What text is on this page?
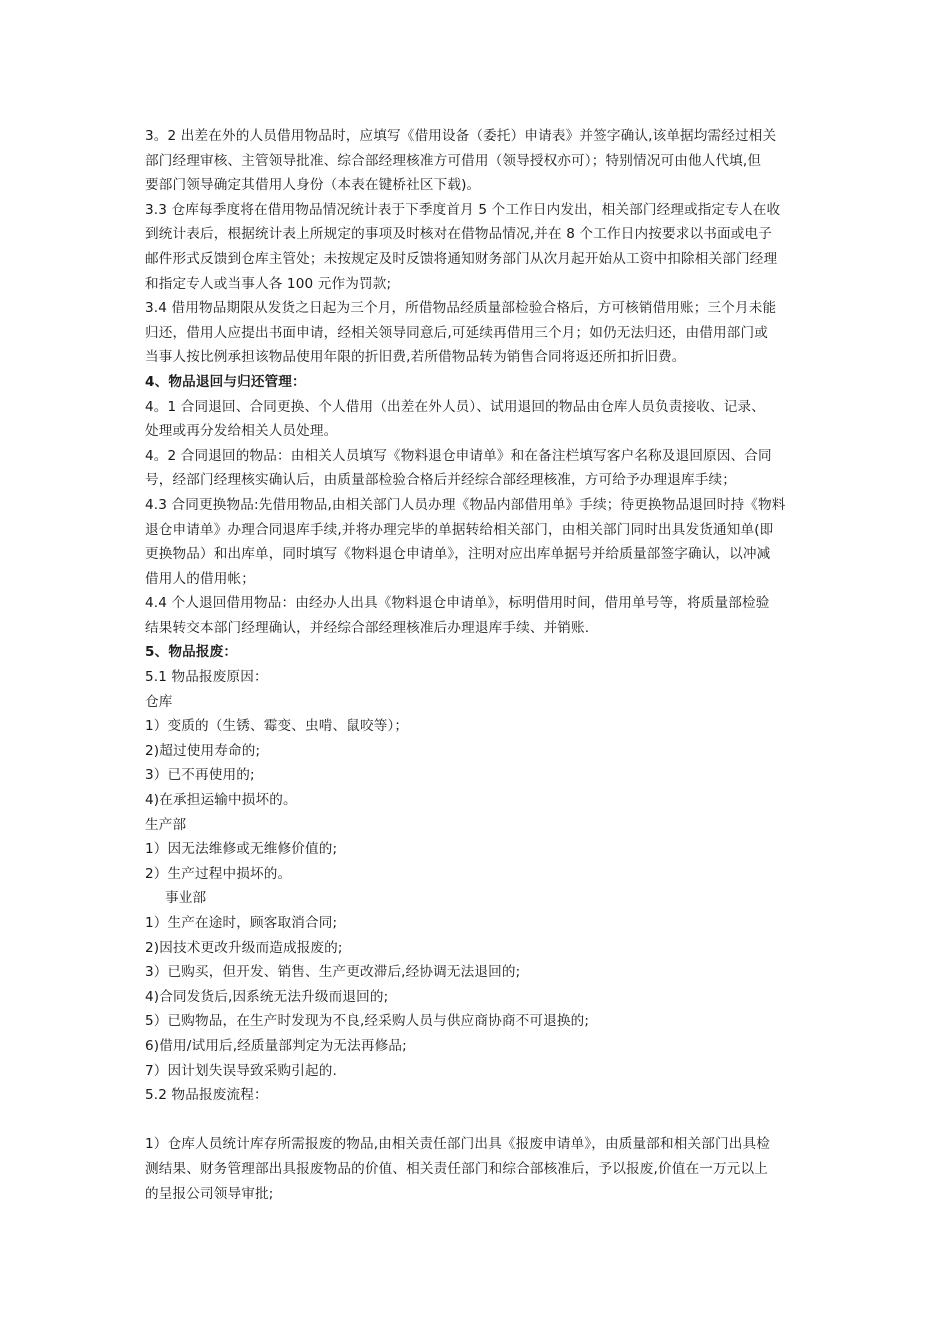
3。2 出差在外的人员借用物品时，应填写《借用设备（委托）申请表》并签字确认,该单据均需经过相关
部门经理审核、主管领导批准、综合部经理核准方可借用（领导授权亦可）；特别情况可由他人代填,但
要部门领导确定其借用人身份（本表在键桥社区下载)。
3.3 仓库每季度将在借用物品情况统计表于下季度首月 5 个工作日内发出，相关部门经理或指定专人在收
到统计表后，根据统计表上所规定的事项及时核对在借物品情况,并在 8 个工作日内按要求以书面或电子
邮件形式反馈到仓库主管处；未按规定及时反馈将通知财务部门从次月起开始从工资中扣除相关部门经理
和指定专人或当事人各 100 元作为罚款;
3.4 借用物品期限从发货之日起为三个月，所借物品经质量部检验合格后，方可核销借用账；三个月未能
归还，借用人应提出书面申请，经相关领导同意后,可延续再借用三个月；如仍无法归还，由借用部门或
当事人按比例承担该物品使用年限的折旧费,若所借物品转为销售合同将返还所扣折旧费。
4、物品退回与归还管理：
4。1 合同退回、合同更换、个人借用（出差在外人员）、试用退回的物品由仓库人员负责接收、记录、
处理或再分发给相关人员处理。
4。2 合同退回的物品：由相关人员填写《物料退仓申请单》和在备注栏填写客户名称及退回原因、合同
号，经部门经理核实确认后，由质量部检验合格后并经综合部经理核准，方可给予办理退库手续；
4.3 合同更换物品:先借用物品,由相关部门人员办理《物品内部借用单》手续；待更换物品退回时持《物料
退仓申请单》办理合同退库手续,并将办理完毕的单据转给相关部门，由相关部门同时出具发货通知单(即
更换物品）和出库单，同时填写《物料退仓申请单》，注明对应出库单据号并给质量部签字确认，以冲减
借用人的借用帐；
4.4 个人退回借用物品：由经办人出具《物料退仓申请单》，标明借用时间，借用单号等，将质量部检验
结果转交本部门经理确认，并经综合部经理核准后办理退库手续、并销账.
5、物品报废：
5.1 物品报废原因：
仓库
1）变质的（生锈、霉变、虫啃、鼠咬等）；
2)超过使用寿命的;
3）已不再使用的;
4)在承担运输中损坏的。
生产部
1）因无法维修或无维修价值的;
2）生产过程中损坏的。
事业部
1）生产在途时，顾客取消合同;
2)因技术更改升级而造成报废的;
3）已购买，但开发、销售、生产更改滞后,经协调无法退回的;
4)合同发货后,因系统无法升级而退回的;
5）已购物品，在生产时发现为不良,经采购人员与供应商协商不可退换的;
6)借用/试用后,经质量部判定为无法再修品;
7）因计划失误导致采购引起的.
5.2 物品报废流程：
1）仓库人员统计库存所需报废的物品,由相关责任部门出具《报废申请单》，由质量部和相关部门出具检
测结果、财务管理部出具报废物品的价值、相关责任部门和综合部核准后，予以报废,价值在一万元以上
的呈报公司领导审批;
